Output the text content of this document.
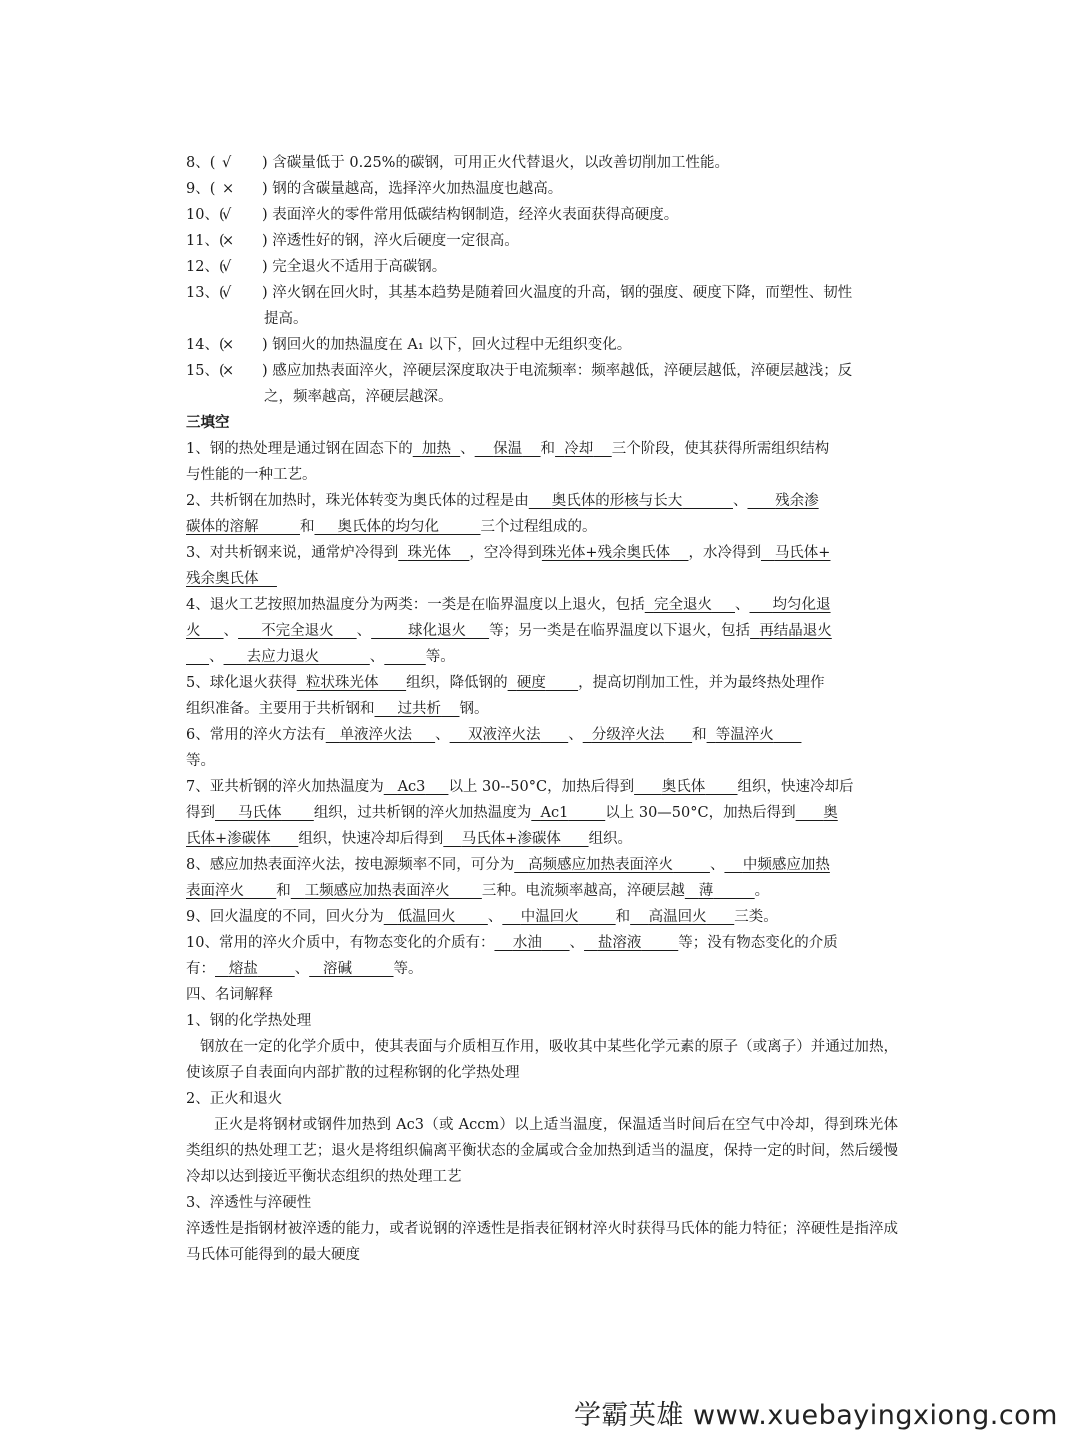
8、( √	)
含碳量低于 0.25%的碳钢，可用正火代替退火，以改善切削加工性能。
9、( ×	)
钢的含碳量越高，选择淬火加热温度也越高。
10、(
√	)
表面淬火的零件常用低碳结构钢制造，经淬火表面获得高硬度。
11、(
×	)
淬透性好的钢，淬火后硬度一定很高。
12、(
√	)
完全退火不适用于高碳钢。
13、(
√	)
淬火钢在回火时，其基本趋势是随着回火温度的升高，钢的强度、硬度下降，而塑性、韧性
提高。
14、(
×	)
钢回火的加热温度在 A₁ 以下，回火过程中无组织变化。
15、(
×	)
感应加热表面淬火，淬硬层深度取决于电流频率：频率越低，淬硬层越低，淬硬层越浅；反
之，频率越高，淬硬层越深。
三填空
1、钢的热处理是通过钢在固态下的 加热 、 保温 和 冷却 三个阶段，使其获得所需组织结构
与性能的一种工艺。
2、共析钢在加热时，珠光体转变为奥氏体的过程是由 奥氏体的形核与长大	、 残余渗
碳体的溶解	和 奥氏体的均匀化	三个过程组成的。
3、对共析钢来说，通常炉冷得到 珠光体 ，空冷得到珠光体+残余奥氏体 ，水冷得到 马氏体+
残余奥氏体
4、退火工艺按照加热温度分为两类：一类是在临界温度以上退火，包括 完全退火 、 均匀化退
火 、 不完全退火 、	球化退火 等；另一类是在临界温度以下退火，包括 再结晶退火
、 去应力退火	、	等。
5、球化退火获得 粒状珠光体 组织，降低钢的 硬度 ，提高切削加工性，并为最终热处理作
组织准备。主要用于共析钢和 过共析 钢。
6、常用的淬火方法有 单液淬火法 、 双液淬火法 、 分级淬火法 和 等温淬火
等。
7、亚共析钢的淬火加热温度为 Ac3 以上 30--50°C，加热后得到 奥氏体 组织，快速冷却后
得到 马氏体 组织，过共析钢的淬火加热温度为 Ac1	以上 30—50°C，加热后得到 奥
氏体+渗碳体 组织，快速冷却后得到 马氏体+渗碳体 组织。
8、感应加热表面淬火法，按电源频率不同，可分为 高频感应加热表面淬火	、 中频感应加热
表面淬火 和 工频感应加热表面淬火 三种。电流频率越高，淬硬层越 薄	。
9、回火温度的不同，回火分为 低温回火 、 中温回火	和 高温回火 三类。
10、常用的淬火介质中，有物态变化的介质有： 水油 、 盐溶液	等；没有物态变化的介质
有： 熔盐	、 溶碱	等。
四、名词解释
1、钢的化学热处理
钢放在一定的化学介质中，使其表面与介质相互作用，吸收其中某些化学元素的原子（或离子）并通过加热，使该原子自表面向内部扩散的过程称钢的化学热处理
2、正火和退火
正火是将钢材或钢件加热到 Ac3（或 Accm）以上适当温度，保温适当时间后在空气中冷却，得到珠光体类组织的热处理工艺；退火是将组织偏离平衡状态的金属或合金加热到适当的温度，保持一定的时间，然后缓慢冷却以达到接近平衡状态组织的热处理工艺
3、淬透性与淬硬性
淬透性是指钢材被淬透的能力，或者说钢的淬透性是指表征钢材淬火时获得马氏体的能力特征；淬硬性是指淬成马氏体可能得到的最大硬度
学霸英雄 www.xuebayingxiong.com
